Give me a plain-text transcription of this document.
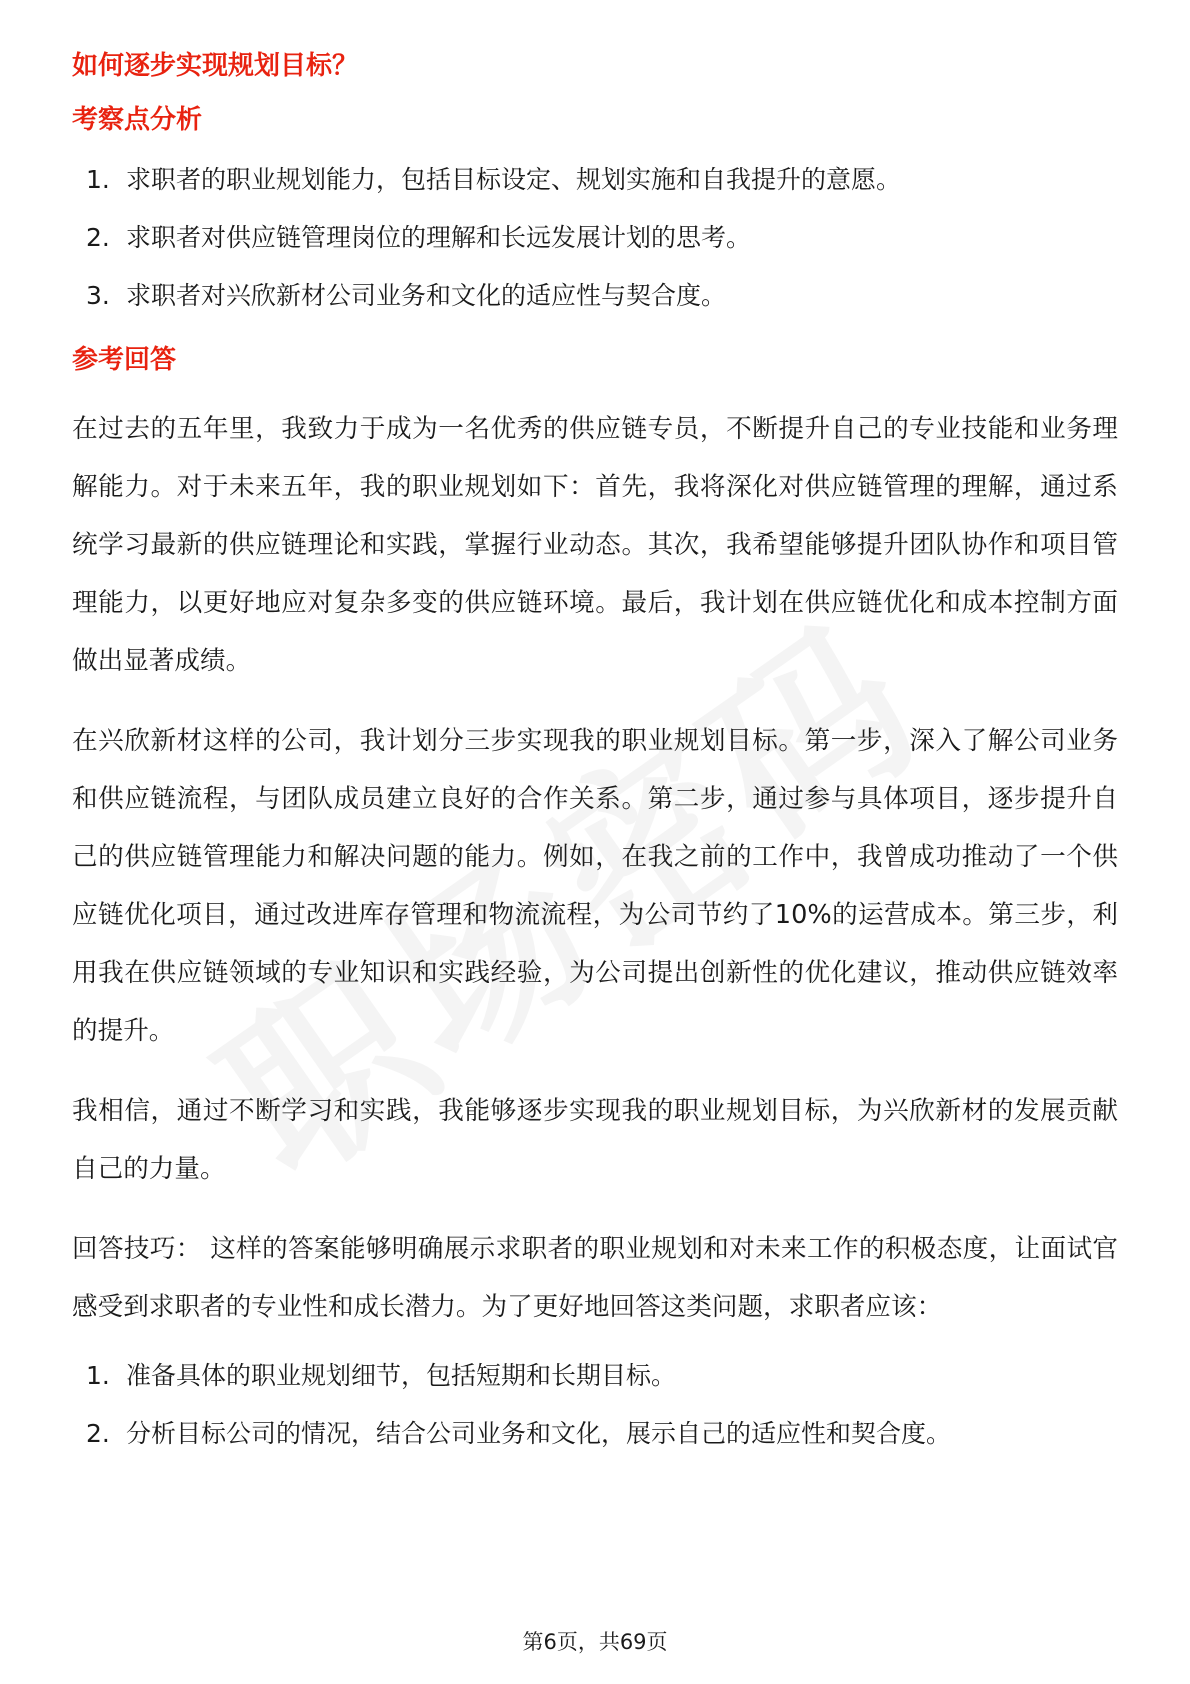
如何逐步实现规划目标？
考察点分析
1. 求职者的职业规划能力，包括目标设定、规划实施和自我提升的意愿。
2. 求职者对供应链管理岗位的理解和长远发展计划的思考。
3. 求职者对兴欣新材公司业务和文化的适应性与契合度。
参考回答

在过去的五年里，我致力于成为一名优秀的供应链专员，不断提升自己的专业技能和业务理解能力。对于未来五年，我的职业规划如下：首先，我将深化对供应链管理的理解，通过系统学习最新的供应链理论和实践，掌握行业动态。其次，我希望能够提升团队协作和项目管理能力，以更好地应对复杂多变的供应链环境。最后，我计划在供应链优化和成本控制方面做出显著成绩。

在兴欣新材这样的公司，我计划分三步实现我的职业规划目标。第一步，深入了解公司业务和供应链流程，与团队成员建立良好的合作关系。第二步，通过参与具体项目，逐步提升自己的供应链管理能力和解决问题的能力。例如，在我之前的工作中，我曾成功推动了一个供应链优化项目，通过改进库存管理和物流流程，为公司节约了10%的运营成本。第三步，利用我在供应链领域的专业知识和实践经验，为公司提出创新性的优化建议，推动供应链效率的提升。

我相信，通过不断学习和实践，我能够逐步实现我的职业规划目标，为兴欣新材的发展贡献自己的力量。

回答技巧： 这样的答案能够明确展示求职者的职业规划和对未来工作的积极态度，让面试官感受到求职者的专业性和成长潜力。为了更好地回答这类问题，求职者应该：

1. 准备具体的职业规划细节，包括短期和长期目标。
2. 分析目标公司的情况，结合公司业务和文化，展示自己的适应性和契合度。
第6页，共69页
